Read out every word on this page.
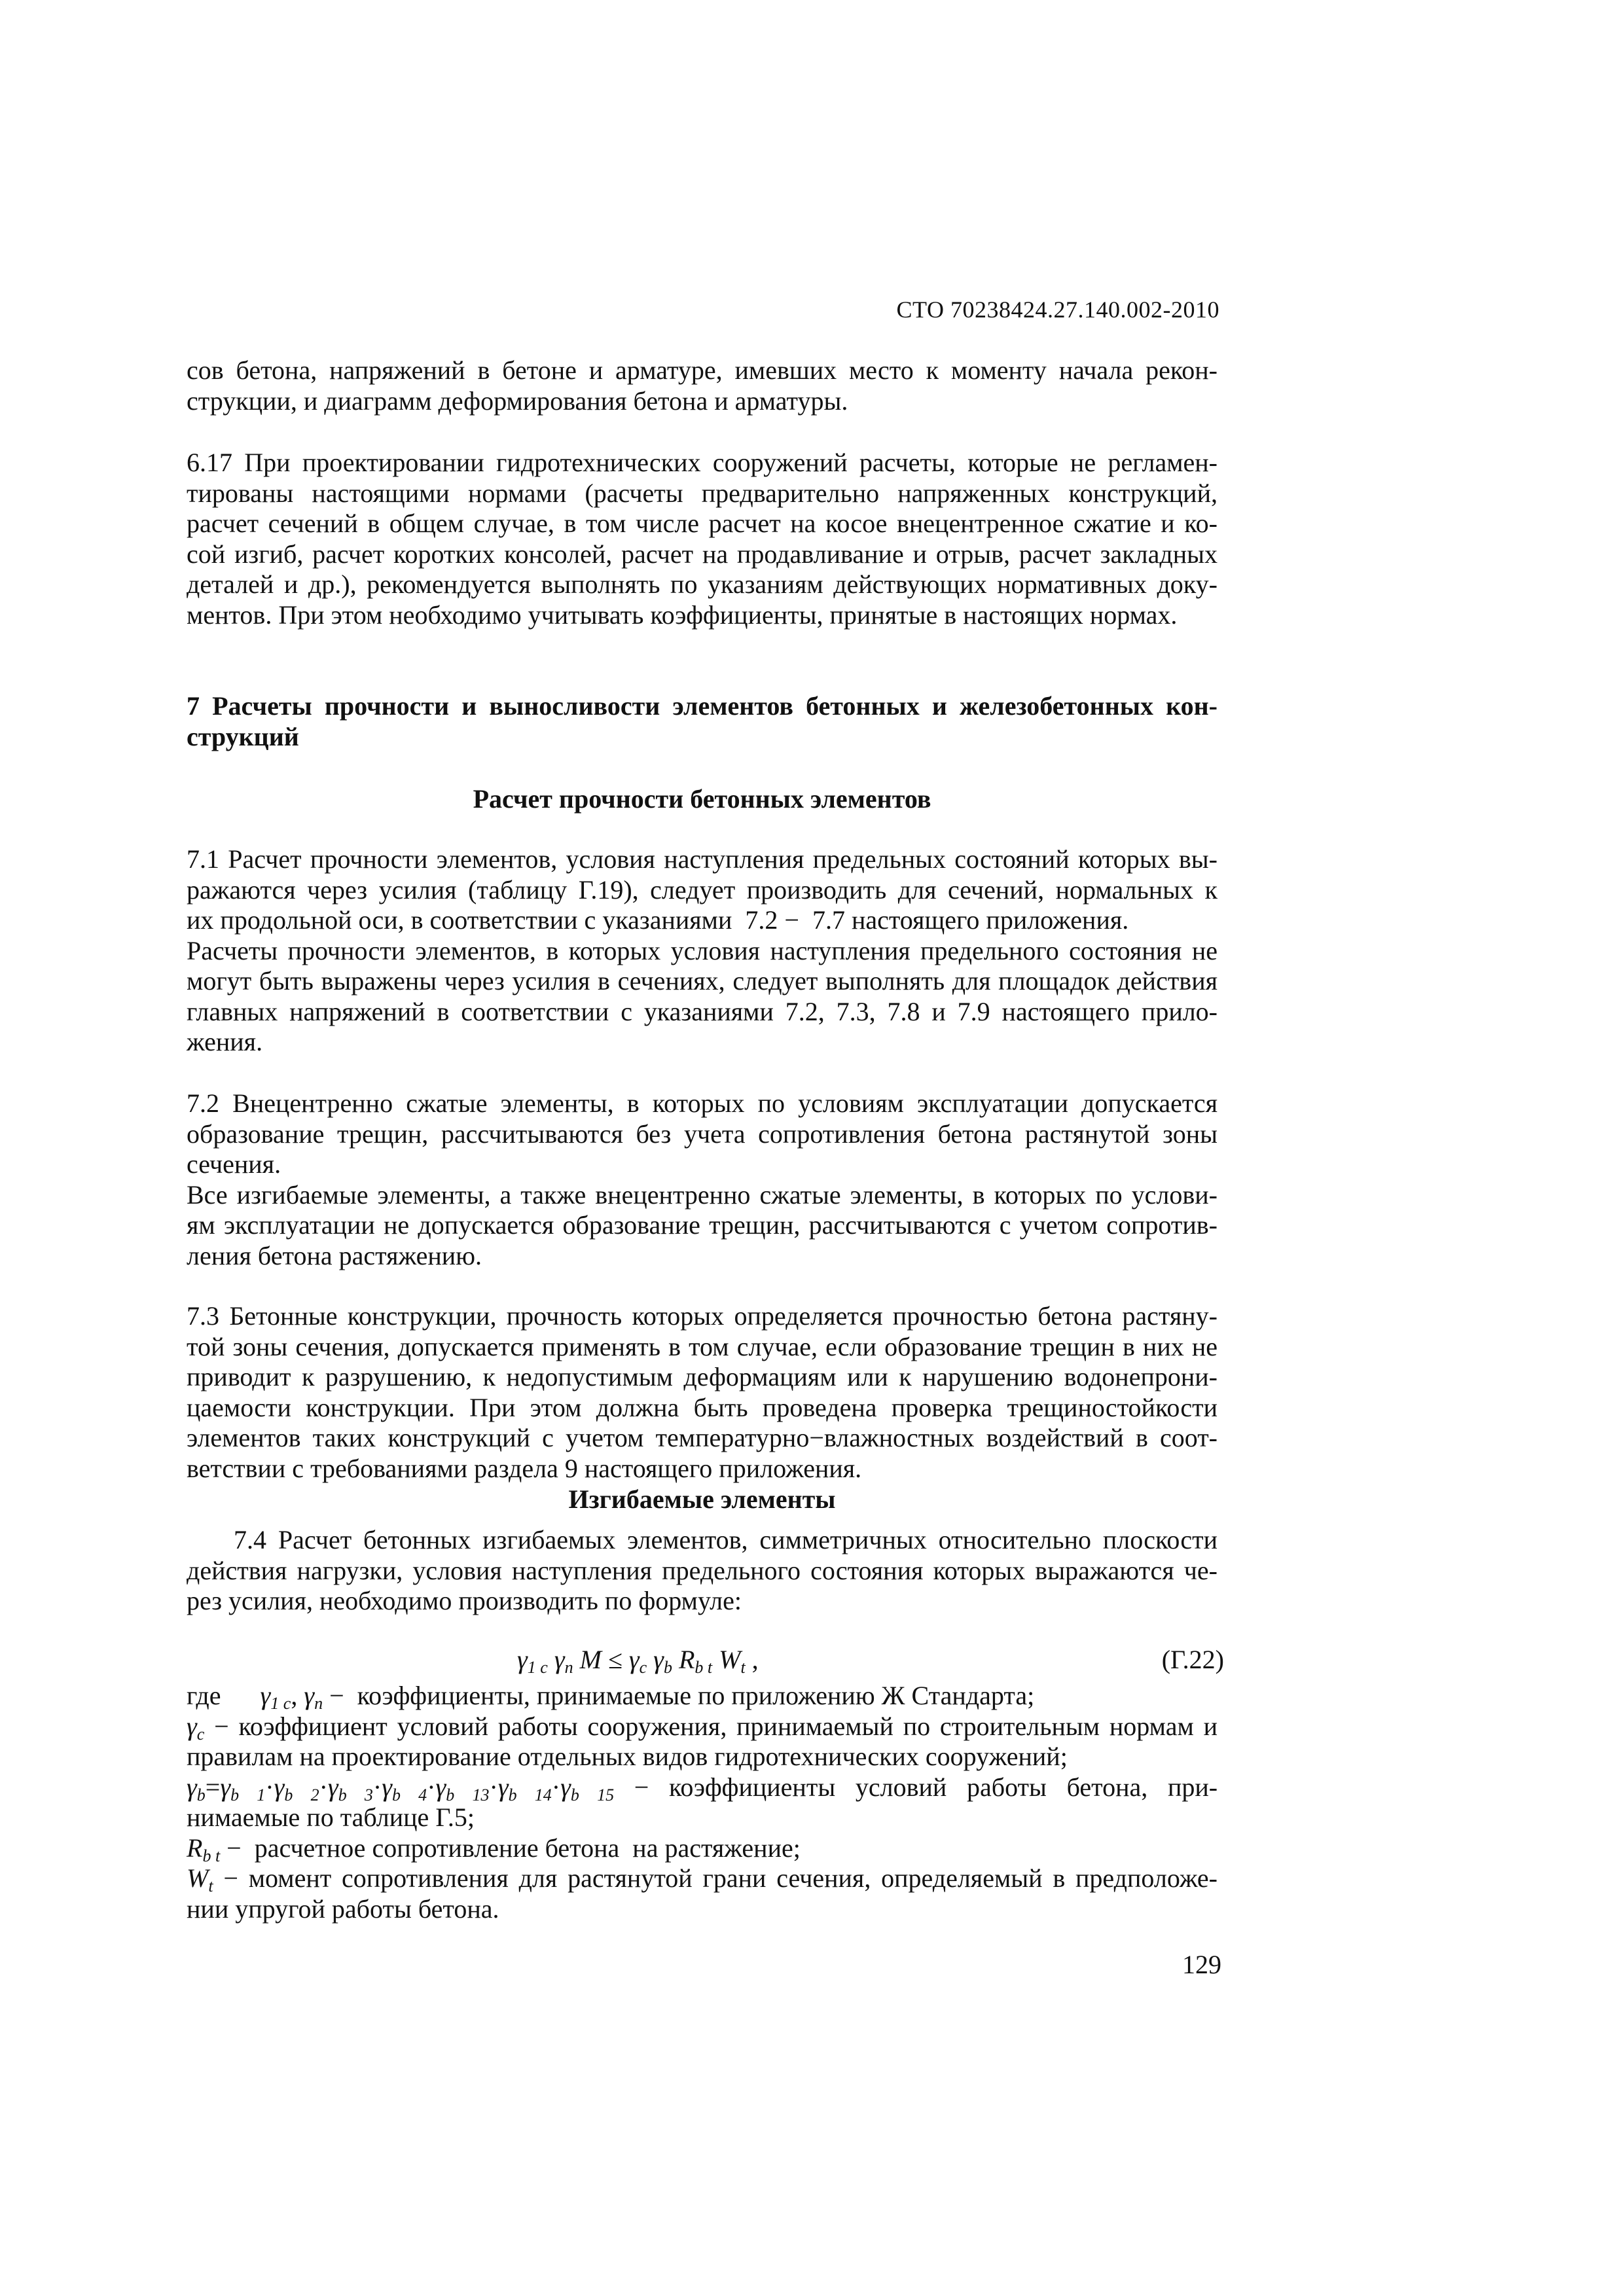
СТО 70238424.27.140.002-2010
сов бетона, напряжений в бетоне и арматуре, имевших место к моменту начала рекон-
струкции, и диаграмм деформирования бетона и арматуры.
6.17 При проектировании гидротехнических сооружений расчеты, которые не регламен-
тированы настоящими нормами (расчеты предварительно напряженных конструкций,
расчет сечений в общем случае, в том числе расчет на косое внецентренное сжатие и ко-
сой изгиб, расчет коротких консолей, расчет на продавливание и отрыв, расчет закладных
деталей и др.), рекомендуется выполнять по указаниям действующих нормативных доку-
ментов. При этом необходимо учитывать коэффициенты, принятые в настоящих нормах.
7 Расчеты прочности и выносливости элементов бетонных и железобетонных кон-
струкций
Расчет прочности бетонных элементов
7.1 Расчет прочности элементов, условия наступления предельных состояний которых вы-
ражаются через усилия (таблицу Г.19), следует производить для сечений, нормальных к
их продольной оси, в соответствии с указаниями  7.2 −  7.7 настоящего приложения.
Расчеты прочности элементов, в которых условия наступления предельного состояния не
могут быть выражены через усилия в сечениях, следует выполнять для площадок действия
главных напряжений в соответствии с указаниями 7.2, 7.3, 7.8 и 7.9 настоящего прило-
жения.
7.2 Внецентренно сжатые элементы, в которых по условиям эксплуатации допускается
образование трещин, рассчитываются без учета сопротивления бетона растянутой зоны
сечения.
Все изгибаемые элементы, а также внецентренно сжатые элементы, в которых по услови-
ям эксплуатации не допускается образование трещин, рассчитываются с учетом сопротив-
ления бетона растяжению.
7.3 Бетонные конструкции, прочность которых определяется прочностью бетона растяну-
той зоны сечения, допускается применять в том случае, если образование трещин в них не
приводит к разрушению, к недопустимым деформациям или к нарушению водонепрони-
цаемости конструкции. При этом должна быть проведена проверка трещиностойкости
элементов таких конструкций с учетом температурно−влажностных воздействий в соот-
ветствии с требованиями раздела 9 настоящего приложения.
Изгибаемые элементы
7.4 Расчет бетонных изгибаемых элементов, симметричных относительно плоскости
действия нагрузки, условия наступления предельного состояния которых выражаются че-
рез усилия, необходимо производить по формуле:
$\gamma_{1 c}$ $\gamma_n$ $M \le \gamma_c$ $\gamma_b$ $R_{b t}$ $W_t$ ,	(Г.22)
где $\gamma_{1 c}$, $\gamma_n$ −  коэффициенты, принимаемые по приложению Ж Стандарта;
$\gamma_c$ − коэффициент условий работы сооружения, принимаемый по строительным нормам и
правилам на проектирование отдельных видов гидротехнических сооружений;
$\gamma_b=\gamma_{b 1}\cdot\gamma_{b 2}\cdot\gamma_{b 3}\cdot\gamma_{b 4}\cdot\gamma_{b 13}\cdot\gamma_{b 14}\cdot\gamma_{b 15}$ − коэффициенты условий работы бетона, при-
нимаемые по таблице Г.5;
$R_{b t}$ −  расчетное сопротивление бетона  на растяжение;
$W_t$ − момент сопротивления для растянутой грани сечения, определяемый в предположе-
нии упругой работы бетона.
129
